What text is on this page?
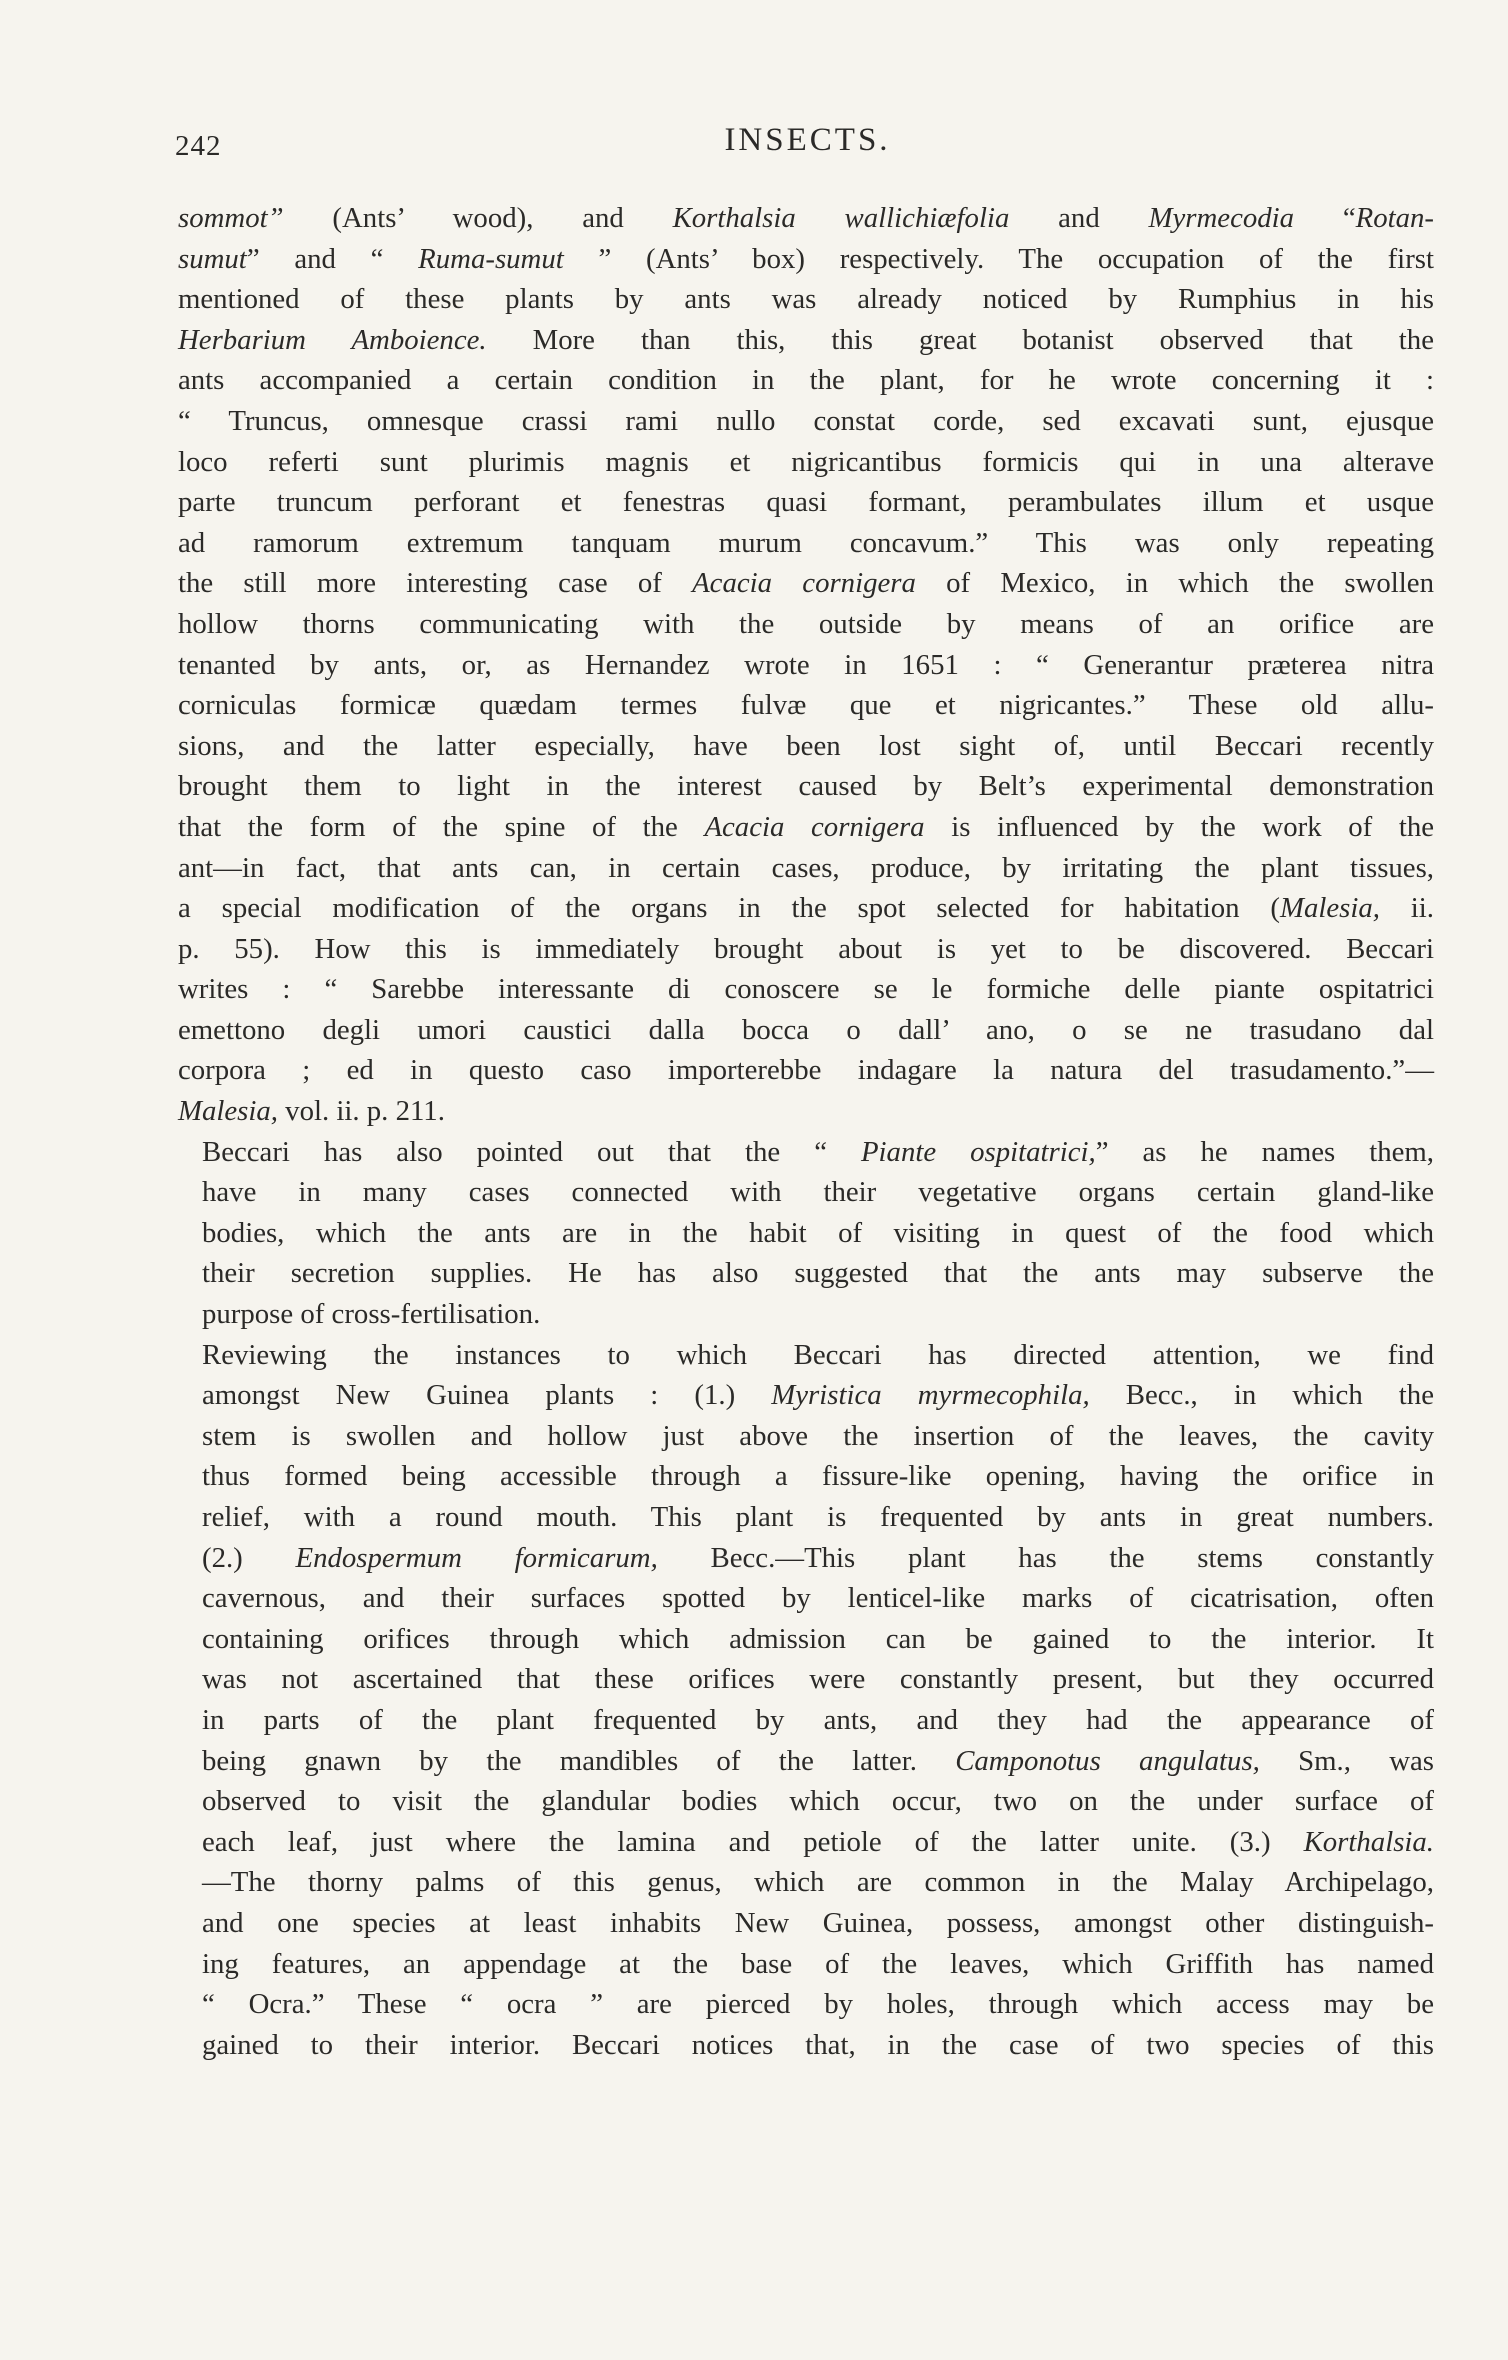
242	INSECTS.

sommot” (Ants’ wood), and Korthalsia wallichiæfolia and Myrmecodia “Rotan-
sumut” and “ Ruma-sumut ” (Ants’ box) respectively. The occupation of the first
mentioned of these plants by ants was already noticed by Rumphius in his
Herbarium Amboience. More than this, this great botanist observed that the
ants accompanied a certain condition in the plant, for he wrote concerning it :
“ Truncus, omnesque crassi rami nullo constat corde, sed excavati sunt, ejusque
loco referti sunt plurimis magnis et nigricantibus formicis qui in una alterave
parte truncum perforant et fenestras quasi formant, perambulates illum et usque
ad ramorum extremum tanquam murum concavum.” This was only repeating
the still more interesting case of Acacia cornigera of Mexico, in which the swollen
hollow thorns communicating with the outside by means of an orifice are
tenanted by ants, or, as Hernandez wrote in 1651 : “ Generantur præterea nitra
corniculas formicæ quædam termes fulvæ que et nigricantes.” These old allu-
sions, and the latter especially, have been lost sight of, until Beccari recently
brought them to light in the interest caused by Belt’s experimental demonstration
that the form of the spine of the Acacia cornigera is influenced by the work of the
ant—in fact, that ants can, in certain cases, produce, by irritating the plant tissues,
a special modification of the organs in the spot selected for habitation (Malesia, ii.
p. 55). How this is immediately brought about is yet to be discovered. Beccari
writes : “ Sarebbe interessante di conoscere se le formiche delle piante ospitatrici
emettono degli umori caustici dalla bocca o dall’ ano, o se ne trasudano dal
corpora ; ed in questo caso importerebbe indagare la natura del trasudamento.”—
Malesia, vol. ii. p. 211.

Beccari has also pointed out that the “ Piante ospitatrici,” as he names them,
have in many cases connected with their vegetative organs certain gland-like
bodies, which the ants are in the habit of visiting in quest of the food which
their secretion supplies. He has also suggested that the ants may subserve the
purpose of cross-fertilisation.

Reviewing the instances to which Beccari has directed attention, we find
amongst New Guinea plants : (1.) Myristica myrmecophila, Becc., in which the
stem is swollen and hollow just above the insertion of the leaves, the cavity
thus formed being accessible through a fissure-like opening, having the orifice in
relief, with a round mouth. This plant is frequented by ants in great numbers.
(2.) Endospermum formicarum, Becc.—This plant has the stems constantly
cavernous, and their surfaces spotted by lenticel-like marks of cicatrisation, often
containing orifices through which admission can be gained to the interior. It
was not ascertained that these orifices were constantly present, but they occurred
in parts of the plant frequented by ants, and they had the appearance of
being gnawn by the mandibles of the latter. Camponotus angulatus, Sm., was
observed to visit the glandular bodies which occur, two on the under surface of
each leaf, just where the lamina and petiole of the latter unite. (3.) Korthalsia.
—The thorny palms of this genus, which are common in the Malay Archipelago,
and one species at least inhabits New Guinea, possess, amongst other distinguish-
ing features, an appendage at the base of the leaves, which Griffith has named
“ Ocra.” These “ ocra ” are pierced by holes, through which access may be
gained to their interior. Beccari notices that, in the case of two species of this
